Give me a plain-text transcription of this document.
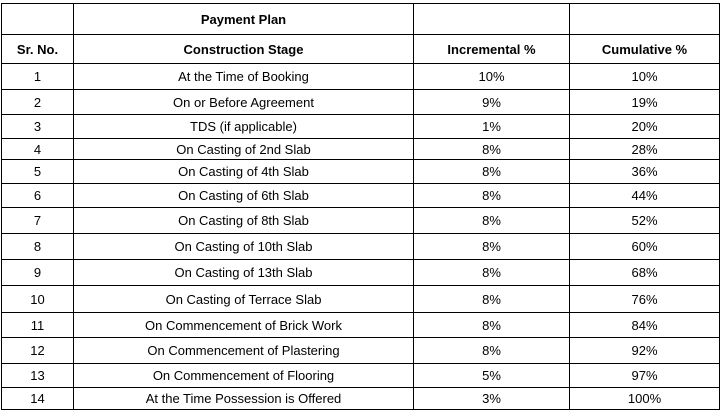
	Payment Plan		
Sr. No.	Construction Stage	Incremental %	Cumulative %
1	At the Time of Booking	10%	10%
2	On or Before Agreement	9%	19%
3	TDS (if applicable)	1%	20%
4	On Casting of 2nd Slab	8%	28%
5	On Casting of 4th Slab	8%	36%
6	On Casting of 6th Slab	8%	44%
7	On Casting of 8th Slab	8%	52%
8	On Casting of 10th Slab	8%	60%
9	On Casting of 13th Slab	8%	68%
10	On Casting of Terrace Slab	8%	76%
11	On Commencement of Brick Work	8%	84%
12	On Commencement of Plastering	8%	92%
13	On Commencement of Flooring	5%	97%
14	At the Time Possession is Offered	3%	100%
